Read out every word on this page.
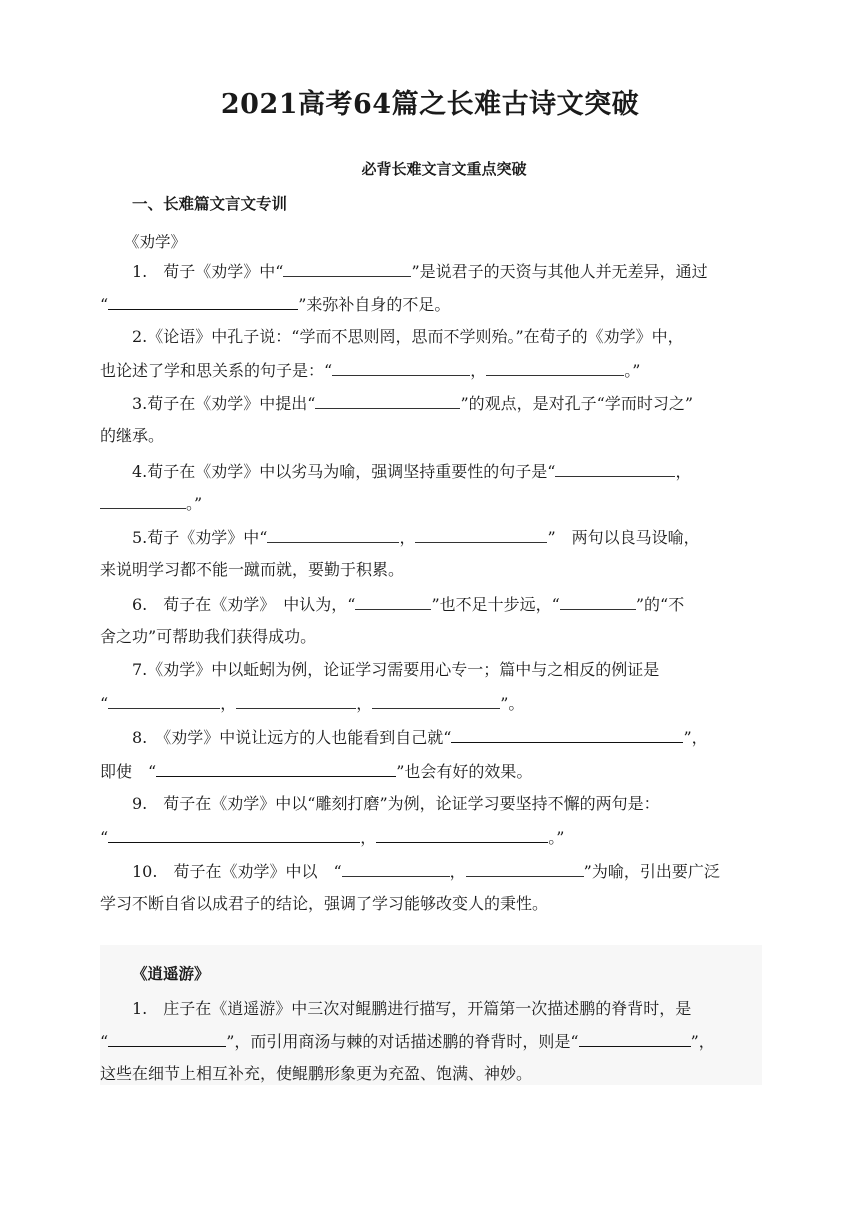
2021高考64篇之长难古诗文突破
必背长难文言文重点突破
一、长难篇文言文专训
《劝学》
1.　荀子《劝学》中“	”是说君子的天资与其他人并无差异，通过
“	”来弥补自身的不足。
2.《论语》中孔子说：“学而不思则罔，思而不学则殆。”在荀子的《劝学》中，
也论述了学和思关系的句子是：“	，	。”
3.荀子在《劝学》中提出“	”的观点，是对孔子“学而时习之”
的继承。
4.荀子在《劝学》中以劣马为喻，强调坚持重要性的句子是“	，
。”
5.荀子《劝学》中“	，	”　两句以良马设喻，
来说明学习都不能一蹴而就，要勤于积累。
6.　荀子在《劝学》　中认为，“	”也不足十步远，“	”的“不
舍之功”可帮助我们获得成功。
7.《劝学》中以蚯蚓为例，论证学习需要用心专一；篇中与之相反的例证是
“	，	，	”。
8.　《劝学》中说让远方的人也能看到自己就“	”，
即使　“	”也会有好的效果。
9.　荀子在《劝学》中以“雕刻打磨”为例，论证学习要坚持不懈的两句是：
“	，	。”
10.　荀子在《劝学》中以　“	，	”为喻，引出要广泛
学习不断自省以成君子的结论，强调了学习能够改变人的秉性。
《逍遥游》
1.　庄子在《逍遥游》中三次对鲲鹏进行描写，开篇第一次描述鹏的脊背时，是
“	”，而引用商汤与棘的对话描述鹏的脊背时，则是“	”，
这些在细节上相互补充，使鲲鹏形象更为充盈、饱满、神妙。
